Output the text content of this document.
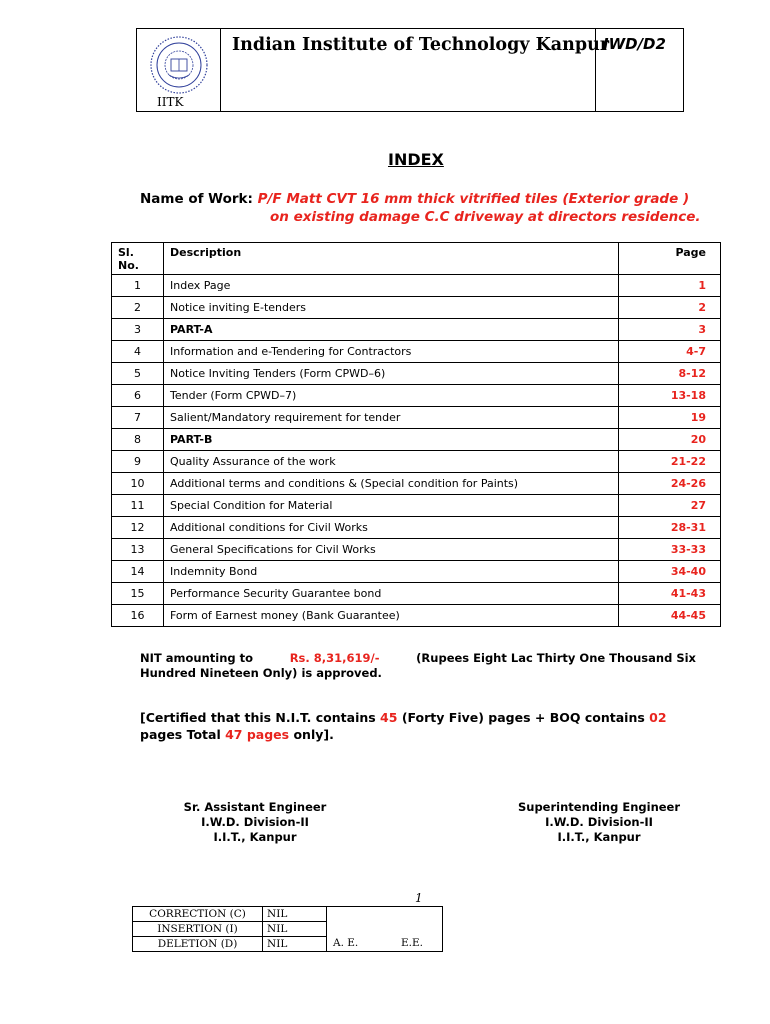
IITK
Indian Institute of Technology Kanpur
IWD/D2
INDEX
Name of Work: P/F Matt CVT 16 mm thick vitrified tiles (Exterior grade )
on existing damage C.C driveway at directors residence.
Sl. No.	Description	Page
1	Index Page	1
2	Notice inviting E-tenders	2
3	PART-A	3
4	Information and e-Tendering for Contractors	4-7
5	Notice Inviting Tenders (Form CPWD–6)	8-12
6	Tender (Form CPWD–7)	13-18
7	Salient/Mandatory requirement for tender	19
8	PART-B	20
9	Quality Assurance of the work	21-22
10	Additional terms and conditions & (Special condition for Paints)	24-26
11	Special Condition for Material	27
12	Additional conditions for Civil Works	28-31
13	General Specifications for Civil Works	33-33
14	Indemnity Bond	34-40
15	Performance Security Guarantee bond	41-43
16	Form of Earnest money (Bank Guarantee)	44-45
NIT amounting to	Rs. 8,31,619/-	(Rupees Eight Lac Thirty One Thousand Six
Hundred Nineteen Only) is approved.
[Certified that this N.I.T. contains 45 (Forty Five) pages + BOQ contains 02 pages Total 47 pages only].
Sr. Assistant Engineer
I.W.D. Division-II
I.I.T., Kanpur
Superintending Engineer
I.W.D. Division-II
I.I.T., Kanpur
1
CORRECTION (C)	NIL	A. E. E.E.
INSERTION (I)	NIL	
DELETION (D)	NIL	
